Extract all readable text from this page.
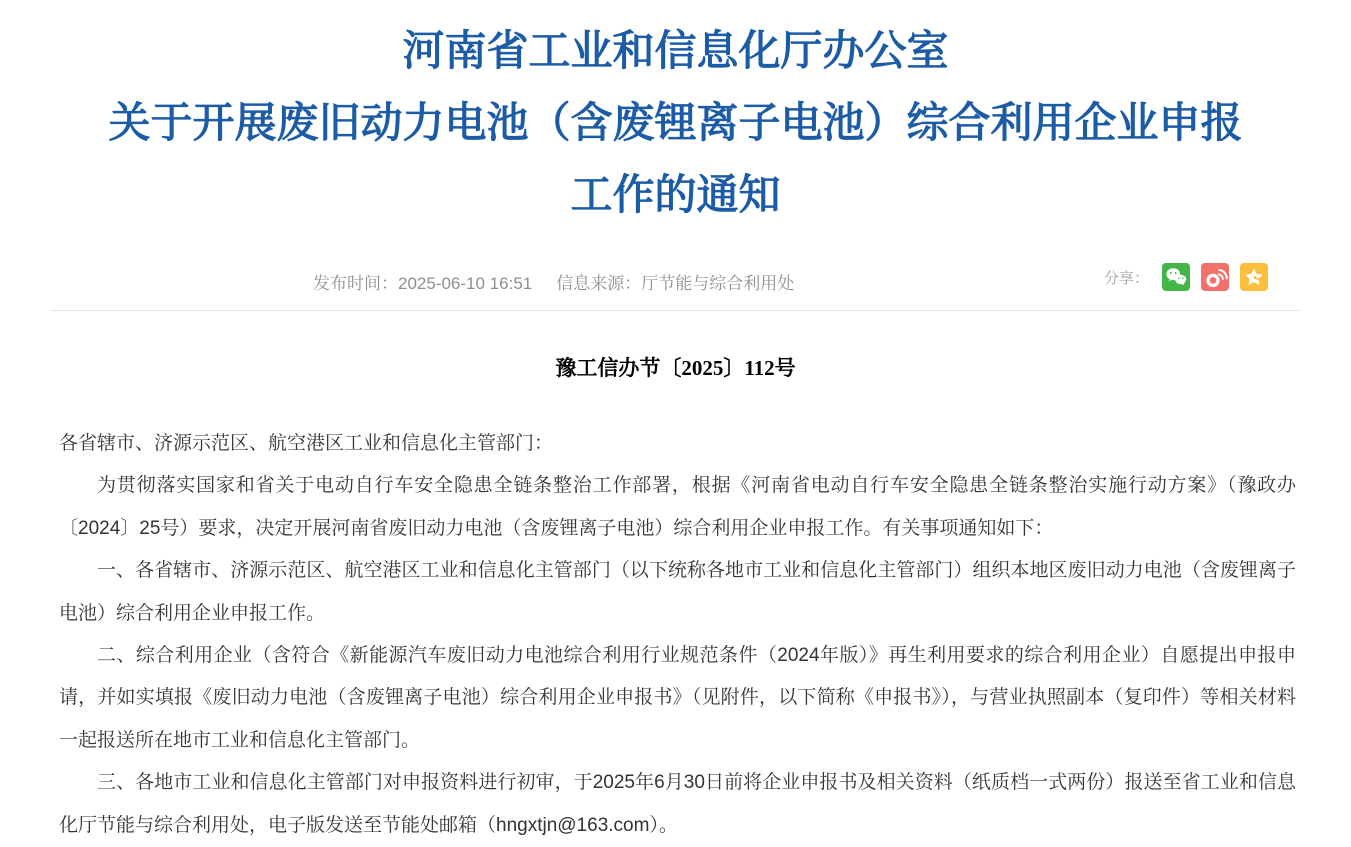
河南省工业和信息化厅办公室
关于开展废旧动力电池（含废锂离子电池）综合利用企业申报
工作的通知
发布时间：2025-06-10 16:51 信息来源：厅节能与综合利用处	分享：
豫工信办节〔2025〕112号

各省辖市、济源示范区、航空港区工业和信息化主管部门：

为贯彻落实国家和省关于电动自行车安全隐患全链条整治工作部署，根据《河南省电动自行车安全隐患全链条整治实施行动方案》（豫政办〔2024〕25号）要求，决定开展河南省废旧动力电池（含废锂离子电池）综合利用企业申报工作。有关事项通知如下：

一、各省辖市、济源示范区、航空港区工业和信息化主管部门（以下统称各地市工业和信息化主管部门）组织本地区废旧动力电池（含废锂离子电池）综合利用企业申报工作。

二、综合利用企业（含符合《新能源汽车废旧动力电池综合利用行业规范条件（2024年版）》再生利用要求的综合利用企业）自愿提出申报申请，并如实填报《废旧动力电池（含废锂离子电池）综合利用企业申报书》（见附件，以下简称《申报书》），与营业执照副本（复印件）等相关材料一起报送所在地市工业和信息化主管部门。

三、各地市工业和信息化主管部门对申报资料进行初审，于2025年6月30日前将企业申报书及相关资料（纸质档一式两份）报送至省工业和信息化厅节能与综合利用处，电子版发送至节能处邮箱（hngxtjn@163.com）。
